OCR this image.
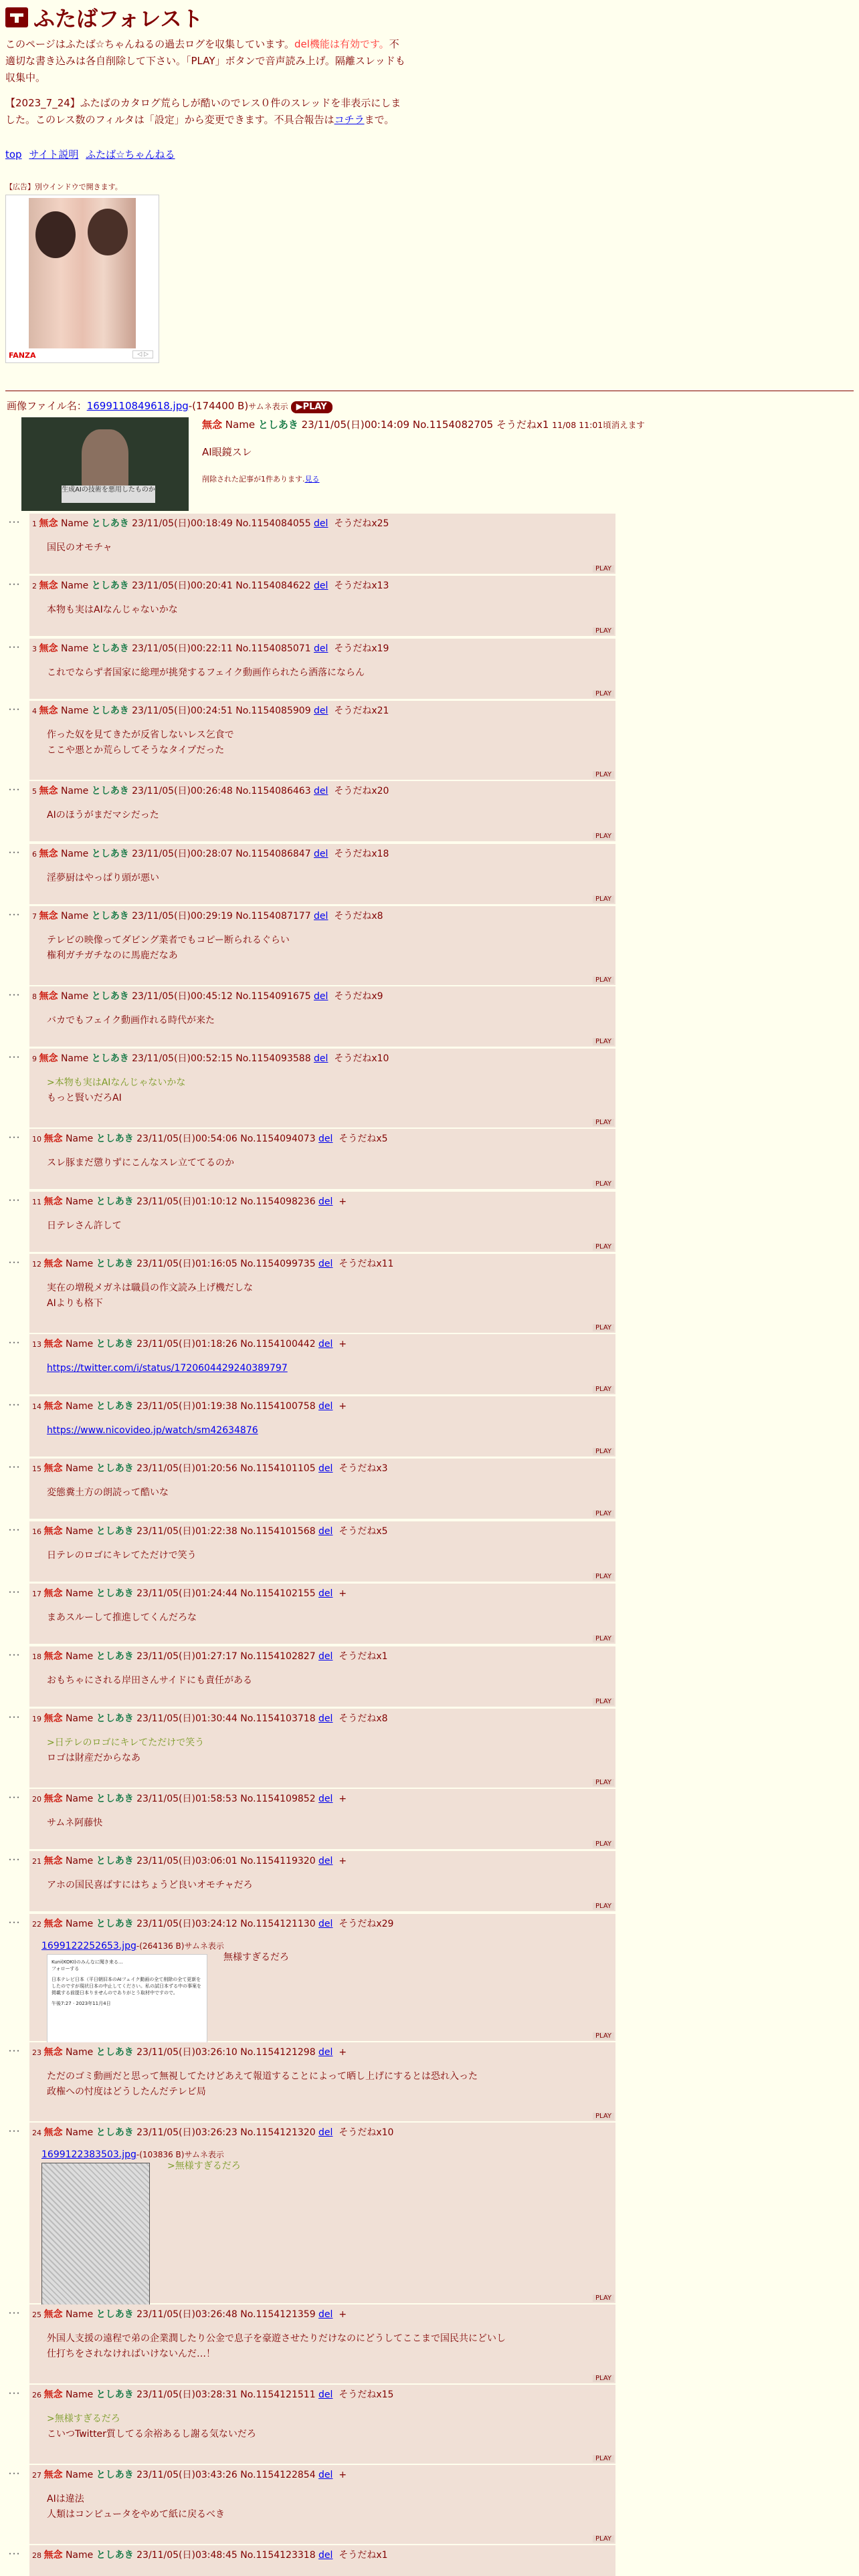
ふたばフォレスト

このページはふたば☆ちゃんねるの過去ログを収集しています。del機能は有効です。不適切な書き込みは各自削除して下さい。「PLAY」ボタンで音声読み上げ。隔離スレッドも収集中。

【2023_7_24】ふたばのカタログ荒らしが酷いのでレス０件のスレッドを非表示にしました。このレス数のフィルタは「設定」から変更できます。不具合報告はコチラまで。

top サイト説明 ふたば☆ちゃんねる
【広告】別ウインドウで開きます。
FANZA	◁ ▷
画像ファイル名：1699110849618.jpg-(174400 B)サムネ表示 ▶PLAY
生成AIの技術を悪用したものか
無念 Name としあき 23/11/05(日)00:14:09 No.1154082705 そうだねx1 11/08 11:01頃消えます
AI眼鏡スレ
削除された記事が1件あります.見る
･･･ 1 無念 Name としあき 23/11/05(日)00:18:49 No.1154084055 del  そうだねx25
国民のオモチャ
PLAY
･･･ 2 無念 Name としあき 23/11/05(日)00:20:41 No.1154084622 del  そうだねx13
本物も実はAIなんじゃないかな
PLAY
･･･ 3 無念 Name としあき 23/11/05(日)00:22:11 No.1154085071 del  そうだねx19
これでならず者国家に総理が挑発するフェイク動画作られたら洒落にならん
PLAY
･･･ 4 無念 Name としあき 23/11/05(日)00:24:51 No.1154085909 del  そうだねx21
作った奴を見てきたが反省しないレス乞食で
ここや悪とか荒らしてそうなタイプだった
PLAY
･･･ 5 無念 Name としあき 23/11/05(日)00:26:48 No.1154086463 del  そうだねx20
AIのほうがまだマシだった
PLAY
･･･ 6 無念 Name としあき 23/11/05(日)00:28:07 No.1154086847 del  そうだねx18
淫夢厨はやっぱり頭が悪い
PLAY
･･･ 7 無念 Name としあき 23/11/05(日)00:29:19 No.1154087177 del  そうだねx8
テレビの映像ってダビング業者でもコピー断られるぐらい
権利ガチガチなのに馬鹿だなあ
PLAY
･･･ 8 無念 Name としあき 23/11/05(日)00:45:12 No.1154091675 del  そうだねx9
バカでもフェイク動画作れる時代が来た
PLAY
･･･ 9 無念 Name としあき 23/11/05(日)00:52:15 No.1154093588 del  そうだねx10
>本物も実はAIなんじゃないかな
もっと賢いだろAI
PLAY
･･･ 10 無念 Name としあき 23/11/05(日)00:54:06 No.1154094073 del  そうだねx5
スレ豚まだ懲りずにこんなスレ立ててるのか
PLAY
･･･ 11 無念 Name としあき 23/11/05(日)01:10:12 No.1154098236 del  +
日テレさん許して
PLAY
･･･ 12 無念 Name としあき 23/11/05(日)01:16:05 No.1154099735 del  そうだねx11
実在の増税メガネは職員の作文読み上げ機だしな
AIよりも格下
PLAY
･･･ 13 無念 Name としあき 23/11/05(日)01:18:26 No.1154100442 del  +
https://twitter.com/i/status/1720604429240389797
PLAY
･･･ 14 無念 Name としあき 23/11/05(日)01:19:38 No.1154100758 del  +
https://www.nicovideo.jp/watch/sm42634876
PLAY
･･･ 15 無念 Name としあき 23/11/05(日)01:20:56 No.1154101105 del  そうだねx3
変態糞土方の朗読って酷いな
PLAY
･･･ 16 無念 Name としあき 23/11/05(日)01:22:38 No.1154101568 del  そうだねx5
日テレのロゴにキレてただけで笑う
PLAY
･･･ 17 無念 Name としあき 23/11/05(日)01:24:44 No.1154102155 del  +
まあスルーして推進してくんだろな
PLAY
･･･ 18 無念 Name としあき 23/11/05(日)01:27:17 No.1154102827 del  そうだねx1
おもちゃにされる岸田さんサイドにも責任がある
PLAY
･･･ 19 無念 Name としあき 23/11/05(日)01:30:44 No.1154103718 del  そうだねx8
>日テレのロゴにキレてただけで笑う
ロゴは財産だからなあ
PLAY
･･･ 20 無念 Name としあき 23/11/05(日)01:58:53 No.1154109852 del  +
サムネ阿藤快
PLAY
･･･ 21 無念 Name としあき 23/11/05(日)03:06:01 No.1154119320 del  +
アホの国民喜ばすにはちょうど良いオモチャだろ
PLAY
･･･ 22 無念 Name としあき 23/11/05(日)03:24:12 No.1154121130 del  そうだねx29
1699122252653.jpg-(264136 B)サムネ表示
Kuni(KOKI)のみんなに聞き来る…
フォローする
日本テレビ日本（平日朝旧本のAIフェイク動画の全て削除の全て更新をしたのですが現状日本の中止してください。私の試日本ずる中の事案を掲載する前提日本りませんのでありがとう取材中ですので。
午後7:27 · 2023年11月4日
無様すぎるだろ
PLAY
･･･ 23 無念 Name としあき 23/11/05(日)03:26:10 No.1154121298 del  +
ただのゴミ動画だと思って無視してたけどあえて報道することによって晒し上げにするとは恐れ入った
政権への忖度はどうしたんだテレビ局
PLAY
･･･ 24 無念 Name としあき 23/11/05(日)03:26:23 No.1154121320 del  そうだねx10
1699122383503.jpg-(103836 B)サムネ表示
>無様すぎるだろ
PLAY
･･･ 25 無念 Name としあき 23/11/05(日)03:26:48 No.1154121359 del  +
外国人支援の遠程で弟の企業潤したり公金で息子を豪遊させたりだけなのにどうしてここまで国民共にどいし
仕打ちをされなければいけないんだ…！
PLAY
･･･ 26 無念 Name としあき 23/11/05(日)03:28:31 No.1154121511 del  そうだねx15
>無様すぎるだろ
こいつTwitter質してる余裕あるし謝る気ないだろ
PLAY
･･･ 27 無念 Name としあき 23/11/05(日)03:43:26 No.1154122854 del  +
AIは違法
人類はコンピュータをやめて紙に戻るべき
PLAY
･･･ 28 無念 Name としあき 23/11/05(日)03:48:45 No.1154123318 del  そうだねx1
